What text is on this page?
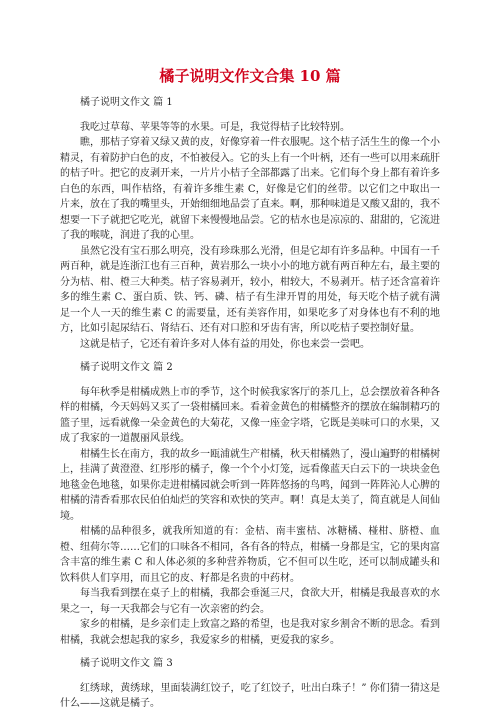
橘子说明文作文合集 10 篇
橘子说明文作文 篇 1

我吃过草莓、苹果等等的水果。可是，我觉得桔子比较特别。

瞧，那桔子穿着又绿又黄的皮，好像穿着一件衣服呢。这个桔子活生生的像一个小精灵，有着防护白色的皮，不怕被侵入。它的头上有一个叶柄，还有一些可以用来疏肝的桔子叶。把它的皮剥开来，一片片小桔子全部都露了出来。它们每个身上都有着许多白色的东西，叫作桔络，有着许多维生素 C，好像是它们的丝带。以它们之中取出一片来，放在了我的嘴里头，开始细细地品尝了直来。啊，那种味道是又酸又甜的，我不想要一下子就把它吃光，就留下来慢慢地品尝。它的桔水也是凉凉的、甜甜的，它流进了我的喉咙，润进了我的心里。

虽然它没有宝石那么明亮，没有珍珠那么光滑，但是它却有许多品种。中国有一千两百种，就是连浙江也有三百种，黄岩那么一块小小的地方就有两百种左右，最主要的分为桔、柑、橙三大种类。桔子容易剥开，较小，柑较大，不易剥开。桔子还含富着许多的维生素 C、蛋白质、铁、钙、磷、桔子有生津开胃的用处，每天吃个桔子就有满足一个人一天的维生素 C 的需要量，还有美容作用，如果吃多了对身体也有不利的地方，比如引起尿结石、肾结石、还有对口腔和牙齿有害，所以吃桔子要控制好量。

这就是桔子，它还有着许多对人体有益的用处，你也来尝一尝吧。

橘子说明文作文 篇 2

每年秋季是柑橘成熟上市的季节，这个时候我家客厅的茶几上，总会摆放着各种各样的柑橘，今天妈妈又买了一袋柑橘回来。看着金黄色的柑橘整齐的摆放在编制精巧的篮子里，远看就像一朵金黄色的大菊花，又像一座金字塔，它既是美味可口的水果，又成了我家的一道靓丽风景线。

柑橘生长在南方，我的故乡一瓯浦就生产柑橘，秋天柑橘熟了，漫山遍野的柑橘树上，挂满了黄澄澄、红彤彤的橘子，像一个个小灯笼，远看像蓝天白云下的一块块金色地毯金色地毯，如果你走进柑橘园就会听到一阵阵悠扬的鸟鸣，闻到一阵阵沁人心脾的柑橘的清香看那农民伯伯灿烂的笑容和欢快的笑声。啊！真是太美了，简直就是人间仙境。

柑橘的品种很多，就我所知道的有：金桔、南丰蜜桔、冰糖橘、椪柑、脐橙、血橙、纽荷尔等……它们的口味各不相同，各有各的特点，柑橘一身都是宝，它的果肉富含丰富的维生素 C 和人体必须的多种营养物质，它不但可以生吃，还可以制成罐头和饮料供人们享用，而且它的皮、籽都是名贵的中药材。

每当我看到摆在桌子上的柑橘，我都会垂涎三尺，食欲大开，柑橘是我最喜欢的水果之一，每一天我都会与它有一次亲密的约会。

家乡的柑橘，是乡亲们走上致富之路的希望，也是我对家乡割舍不断的思念。看到柑橘，我就会想起我的家乡，我爱家乡的柑橘，更爱我的家乡。

橘子说明文作文 篇 3

红绣球，黄绣球，里面装满红饺子，吃了红饺子，吐出白珠子！” 你们猜一猜这是什么——这就是橘子。
